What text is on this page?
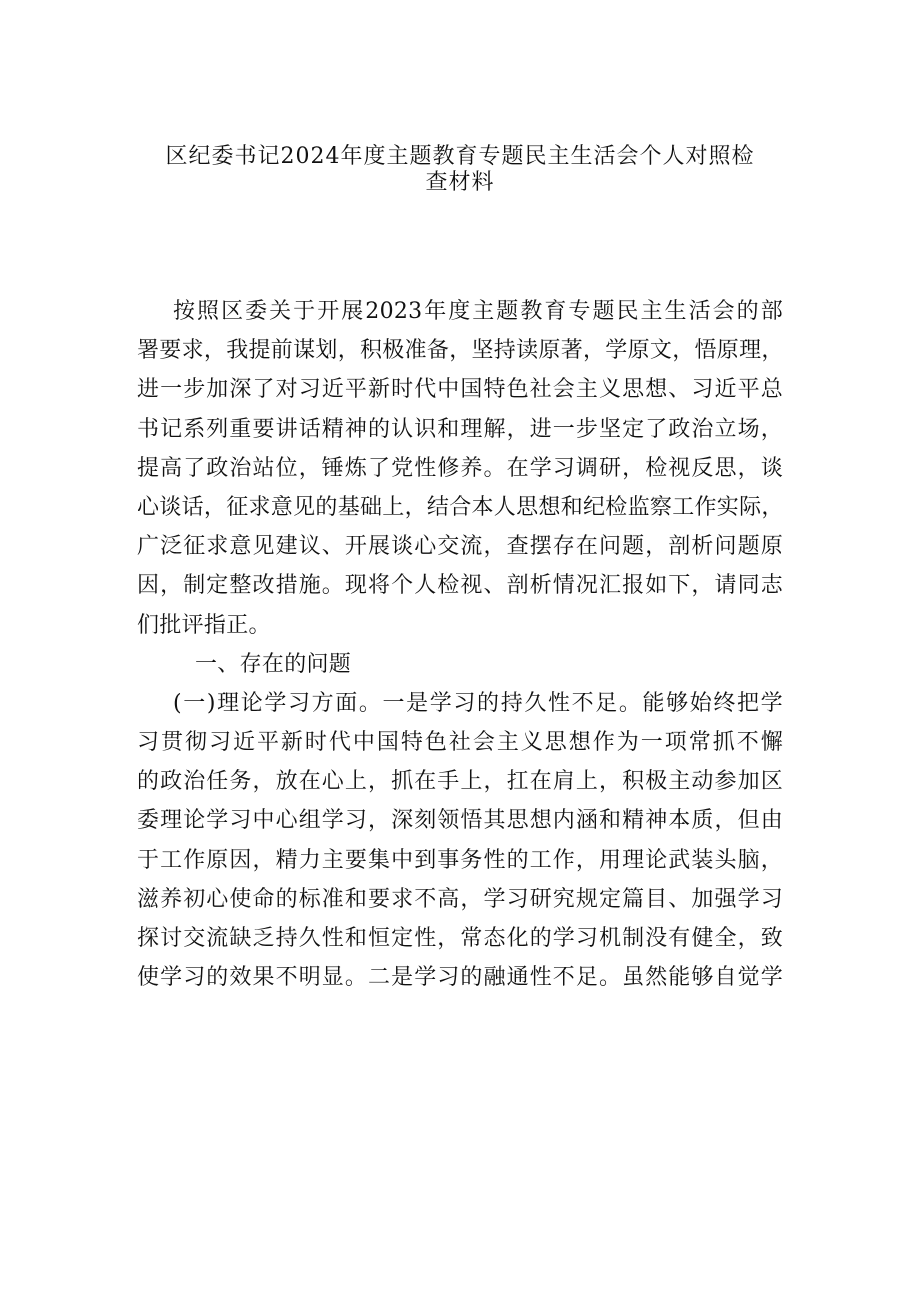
区纪委书记2024年度主题教育专题民主生活会个人对照检
查材料
按照区委关于开展2023年度主题教育专题民主生活会的部
署要求，我提前谋划，积极准备，坚持读原著，学原文，悟原理，
进一步加深了对习近平新时代中国特色社会主义思想、习近平总
书记系列重要讲话精神的认识和理解，进一步坚定了政治立场，
提高了政治站位，锤炼了党性修养。在学习调研，检视反思，谈
心谈话，征求意见的基础上，结合本人思想和纪检监察工作实际，
广泛征求意见建议、开展谈心交流，查摆存在问题，剖析问题原
因，制定整改措施。现将个人检视、剖析情况汇报如下，请同志
们批评指正。
一、存在的问题
(一)理论学习方面。一是学习的持久性不足。能够始终把学
习贯彻习近平新时代中国特色社会主义思想作为一项常抓不懈
的政治任务，放在心上，抓在手上，扛在肩上，积极主动参加区
委理论学习中心组学习，深刻领悟其思想内涵和精神本质，但由
于工作原因，精力主要集中到事务性的工作，用理论武装头脑，
滋养初心使命的标准和要求不高，学习研究规定篇目、加强学习
探讨交流缺乏持久性和恒定性，常态化的学习机制没有健全，致
使学习的效果不明显。二是学习的融通性不足。虽然能够自觉学
